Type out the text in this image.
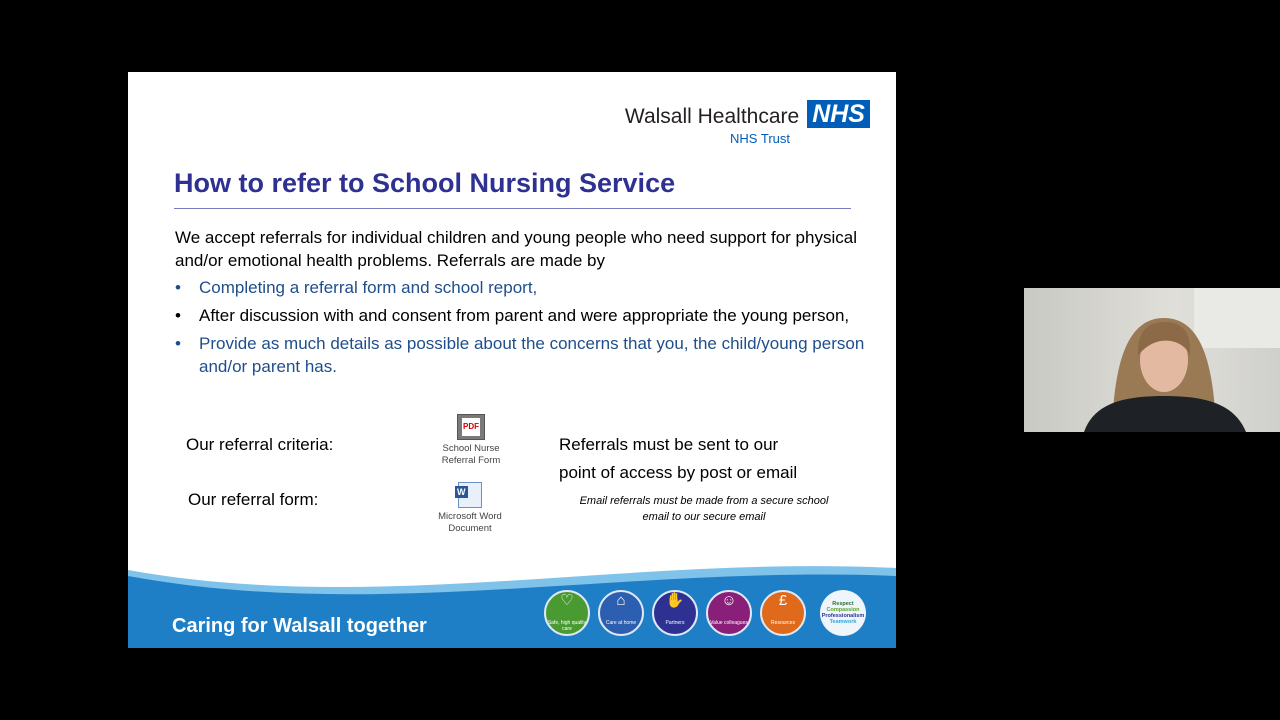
Walsall Healthcare NHS
NHS Trust
How to refer to School Nursing Service
We accept referrals for individual children and young people who need support for physical and/or emotional health problems. Referrals are made by
• Completing a referral form and school report,
• After discussion with and consent from parent and were appropriate the young person,
• Provide as much details as possible about the concerns that you, the child/young person and/or parent has.
Our referral criteria:
Our referral form:
PDF
School Nurse
Referral Form
W
Microsoft Word
Document
Referrals must be sent to our
point of access by post or email
Email referrals must be made from a secure school
email to our secure email
Caring for Walsall together
♡
Safe, high quality care
⌂
Care at home
✋
Partners
☺
Value colleagues
£
Resources
Respect
Compassion
Professionalism
Teamwork
